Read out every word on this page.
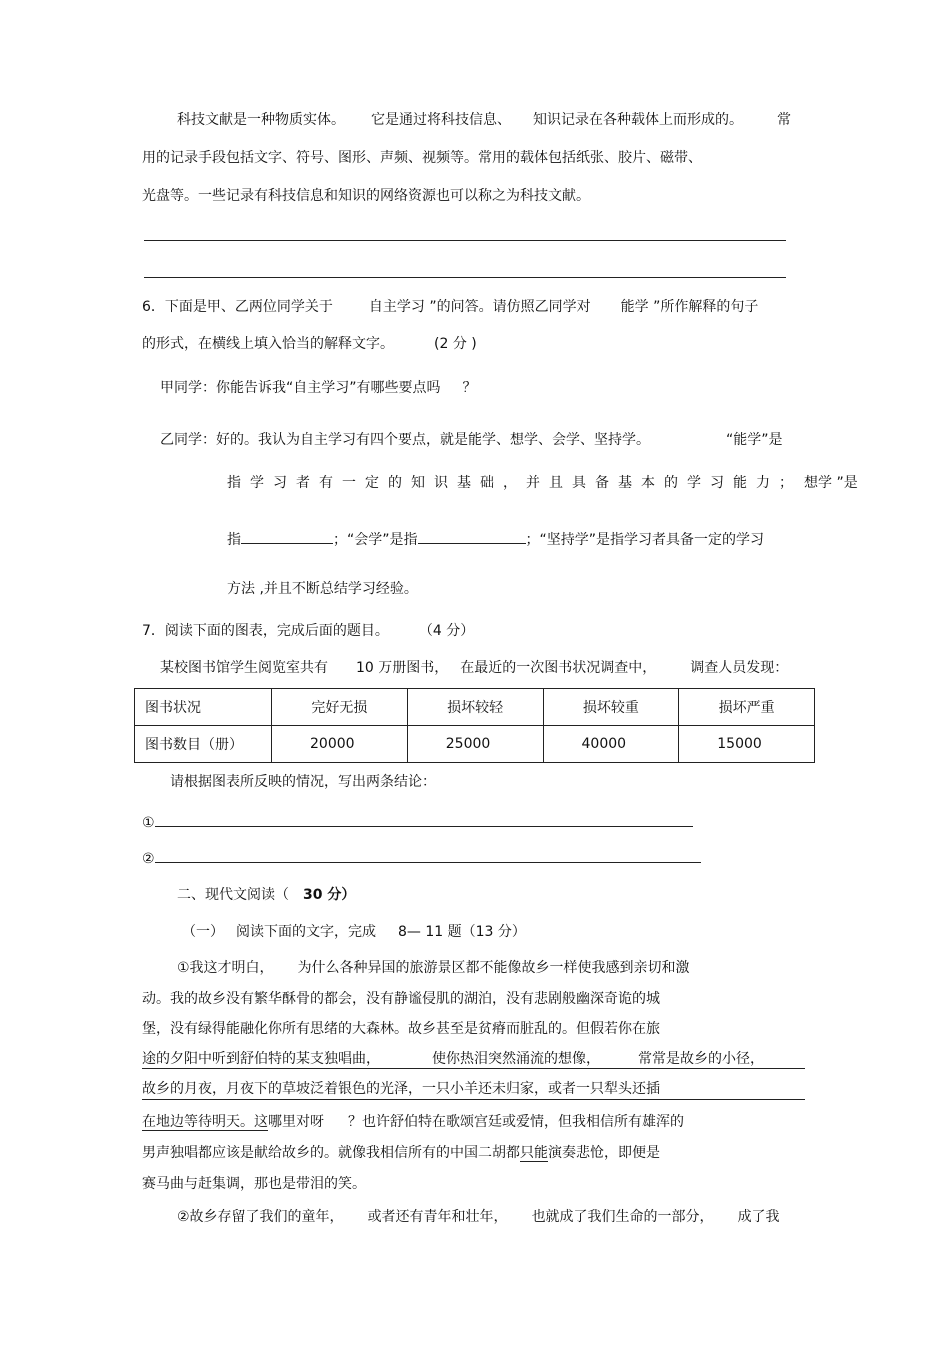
科技文献是一种物质实体。 它是通过将科技信息、 知识记录在各种载体上而形成的。 常
用的记录手段包括文字、符号、图形、声频、视频等。常用的载体包括纸张、胶片、磁带、
光盘等。一些记录有科技信息和知识的网络资源也可以称之为科技文献。
6．下面是甲、乙两位同学关于	自主学习 ”的问答。请仿照乙同学对 能学 ”所作解释的句子
的形式，在横线上填入恰当的解释文字。	(2 分 )
甲同学：你能告诉我“自主学习”有哪些要点吗 ？
乙同学：好的。我认为自主学习有四个要点，就是能学、想学、会学、坚持学。	“能学”是
指学习者有一定的知识基础，并且具备基本的学习能力； 想学 ”是
指	；“会学”是指	；“坚持学”是指学习者具备一定的学习
方法 ,并且不断总结学习经验。
7．阅读下面的图表，完成后面的题目。 （4 分）
某校图书馆学生阅览室共有 10 万册图书， 在最近的一次图书状况调查中， 调查人员发现：
图书状况	完好无损	损坏较轻	损坏较重	损坏严重
图书数目（册）	20000	25000	40000	15000
请根据图表所反映的情况，写出两条结论：
①
②
二、现代文阅读（ 30 分）
（一） 阅读下面的文字，完成 8— 11 题（13 分）
①我这才明白， 为什么各种异国的旅游景区都不能像故乡一样使我感到亲切和激
动。我的故乡没有繁华酥骨的都会，没有静谧侵肌的湖泊，没有悲剧般幽深奇诡的城
堡，没有绿得能融化你所有思绪的大森林。故乡甚至是贫瘠而脏乱的。但假若你在旅
途的夕阳中听到舒伯特的某支独唱曲，	使你热泪突然涌流的想像，	常常是故乡的小径，
故乡的月夜，月夜下的草坡泛着银色的光泽，一只小羊还未归家，或者一只犁头还插
在地边等待明天。这哪里对呀 ？也许舒伯特在歌颂宫廷或爱情，但我相信所有雄浑的
男声独唱都应该是献给故乡的。就像我相信所有的中国二胡都只能演奏悲怆，即便是
赛马曲与赶集调，那也是带泪的笑。
②故乡存留了我们的童年， 或者还有青年和壮年， 也就成了我们生命的一部分， 成了我
